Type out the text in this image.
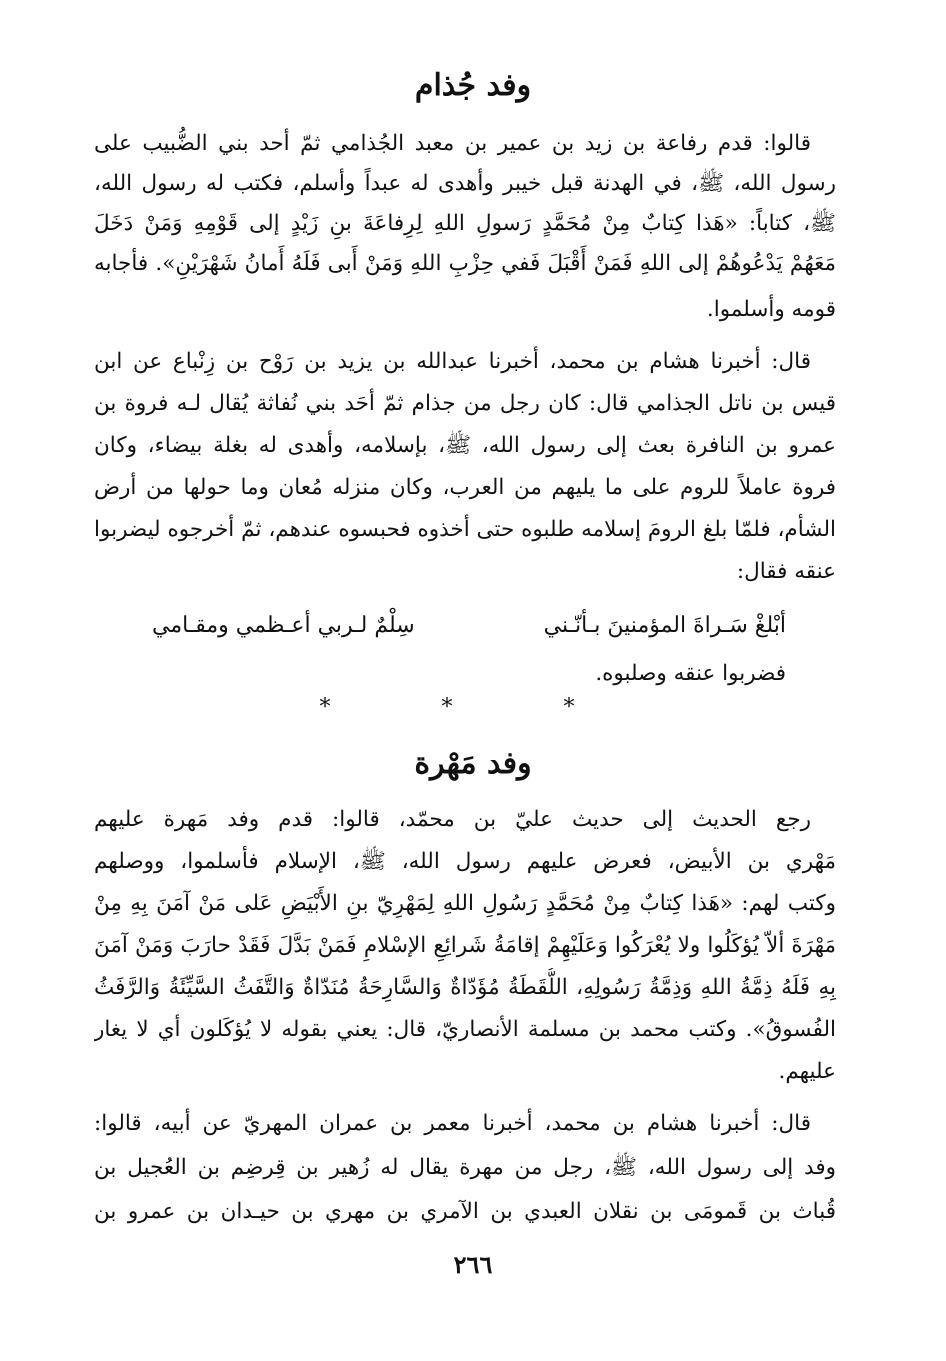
وفد جُذام
قالوا: قدم رفاعة بن زيد بن عمير بن معبد الجُذامي ثمّ أحد بني الضُّبيب على
رسول الله، ﷺ، في الهدنة قبل خيبر وأهدى له عبداً وأسلم، فكتب له رسول الله،
ﷺ، كتاباً: «هَذا كِتابٌ مِنْ مُحَمَّدٍ رَسولِ اللهِ لِرِفاعَةَ بنِ زَيْدٍ إلى قَوْمِهِ وَمَنْ دَخَلَ
مَعَهُمْ يَدْعُوهُمْ إلى اللهِ فَمَنْ أَقْبَلَ فَفي حِزْبِ اللهِ وَمَنْ أَبى فَلَهُ أَمانُ شَهْرَيْنِ». فأجابه
قومه وأسلموا.
قال: أخبرنا هشام بن محمد، أخبرنا عبدالله بن يزيد بن رَوْح بن زِنْباع عن ابن
قيس بن ناتل الجذامي قال: كان رجل من جذام ثمّ أحَد بني نُفاثة يُقال لـه فروة بن
عمرو بن النافرة بعث إلى رسول الله، ﷺ، بإسلامه، وأهدى له بغلة بيضاء، وكان
فروة عاملاً للروم على ما يليهم من العرب، وكان منزله مُعان وما حولها من أرض
الشأم، فلمّا بلغ الرومَ إسلامه طلبوه حتى أخذوه فحبسوه عندهم، ثمّ أخرجوه ليضربوا
عنقه فقال:
أبْلغْ سَـراةَ المؤمنينَ بـأنّـني
سِلْمٌ لـربي أعـظمي ومقـامي
فضربوا عنقه وصلبوه.
* * *
وفد مَهْرة
رجع الحديث إلى حديث عليّ بن محمّد، قالوا: قدم وفد مَهرة عليهم
مَهْري بن الأبيض، فعرض عليهم رسول الله، ﷺ، الإسلام فأسلموا، ووصلهم
وكتب لهم: «هَذا كِتابٌ مِنْ مُحَمَّدٍ رَسُولِ اللهِ لِمَهْرِيّ بنِ الأَبْيَضِ عَلى مَنْ آمَنَ بِهِ مِنْ
مَهْرَةَ ألاّ يُؤكَلُوا ولا يُعْرَكُوا وَعَلَيْهِمْ إقامَةُ شَرائِعِ الإسْلامِ فَمَنْ بَدَّلَ فَقَدْ حارَبَ وَمَنْ آمَنَ
بِهِ فَلَهُ ذِمَّةُ اللهِ وَذِمَّةُ رَسُولِهِ، اللُّقَطَةُ مُؤَدّاةٌ وَالسَّارِحَةُ مُنَدّاةٌ وَالتَّفَثُ السَّيِّئَةُ وَالرَّفَثُ
الفُسوقُ». وكتب محمد بن مسلمة الأنصاريّ، قال: يعني بقوله لا يُؤكَلون أي لا يغار
عليهم.
قال: أخبرنا هشام بن محمد، أخبرنا معمر بن عمران المهريّ عن أبيه، قالوا:
وفد إلى رسول الله، ﷺ، رجل من مهرة يقال له زُهير بن قِرضِم بن العُجيل بن
قُباث بن قَمومَى بن نقلان العبدي بن الآمري بن مهري بن حيـدان بن عمرو بن
٢٦٦
